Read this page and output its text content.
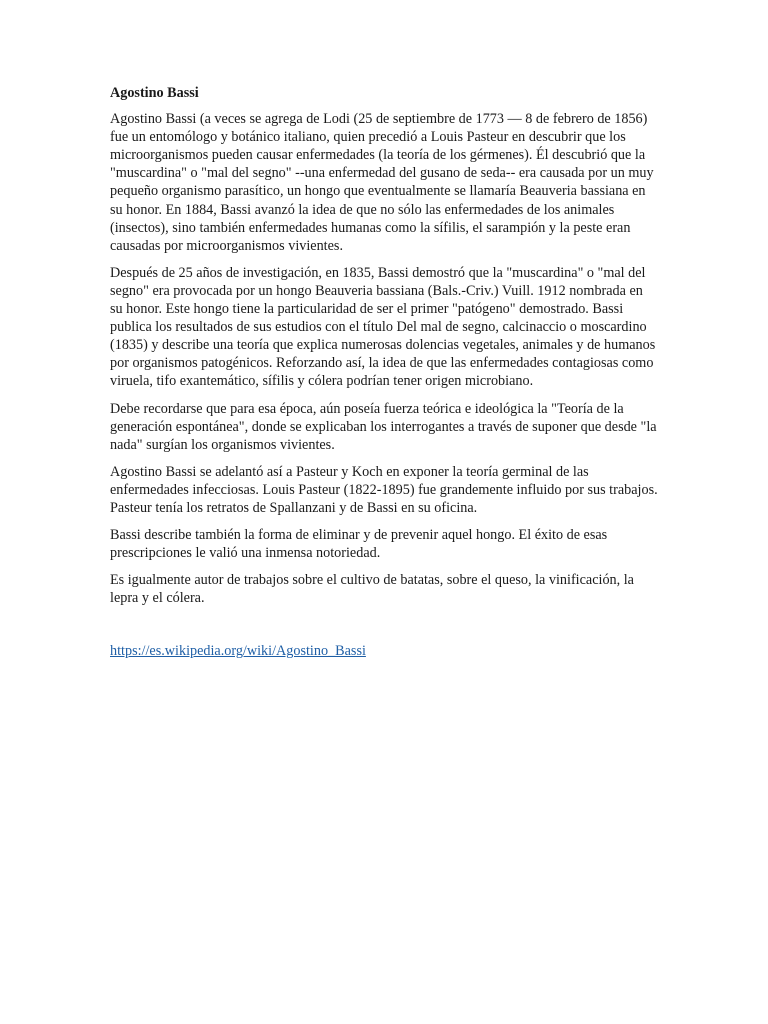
Agostino Bassi

Agostino Bassi (a veces se agrega de Lodi (25 de septiembre de 1773 — 8 de febrero de 1856) fue un entomólogo y botánico italiano, quien precedió a Louis Pasteur en descubrir que los microorganismos pueden causar enfermedades (la teoría de los gérmenes). Él descubrió que la "muscardina" o "mal del segno" --una enfermedad del gusano de seda-- era causada por un muy pequeño organismo parasítico, un hongo que eventualmente se llamaría Beauveria bassiana en su honor. En 1884, Bassi avanzó la idea de que no sólo las enfermedades de los animales (insectos), sino también enfermedades humanas como la sífilis, el sarampión y la peste eran causadas por microorganismos vivientes.

Después de 25 años de investigación, en 1835, Bassi demostró que la "muscardina" o "mal del segno" era provocada por un hongo Beauveria bassiana (Bals.-Criv.) Vuill. 1912 nombrada en su honor. Este hongo tiene la particularidad de ser el primer "patógeno" demostrado. Bassi publica los resultados de sus estudios con el título Del mal de segno, calcinaccio o moscardino (1835) y describe una teoría que explica numerosas dolencias vegetales, animales y de humanos por organismos patogénicos. Reforzando así, la idea de que las enfermedades contagiosas como viruela, tifo exantemático, sífilis y cólera podrían tener origen microbiano.

Debe recordarse que para esa época, aún poseía fuerza teórica e ideológica la "Teoría de la generación espontánea", donde se explicaban los interrogantes a través de suponer que desde "la nada" surgían los organismos vivientes.

Agostino Bassi se adelantó así a Pasteur y Koch en exponer la teoría germinal de las enfermedades infecciosas. Louis Pasteur (1822-1895) fue grandemente influido por sus trabajos. Pasteur tenía los retratos de Spallanzani y de Bassi en su oficina.

Bassi describe también la forma de eliminar y de prevenir aquel hongo. El éxito de esas prescripciones le valió una inmensa notoriedad.

Es igualmente autor de trabajos sobre el cultivo de batatas, sobre el queso, la vinificación, la lepra y el cólera.

https://es.wikipedia.org/wiki/Agostino_Bassi
